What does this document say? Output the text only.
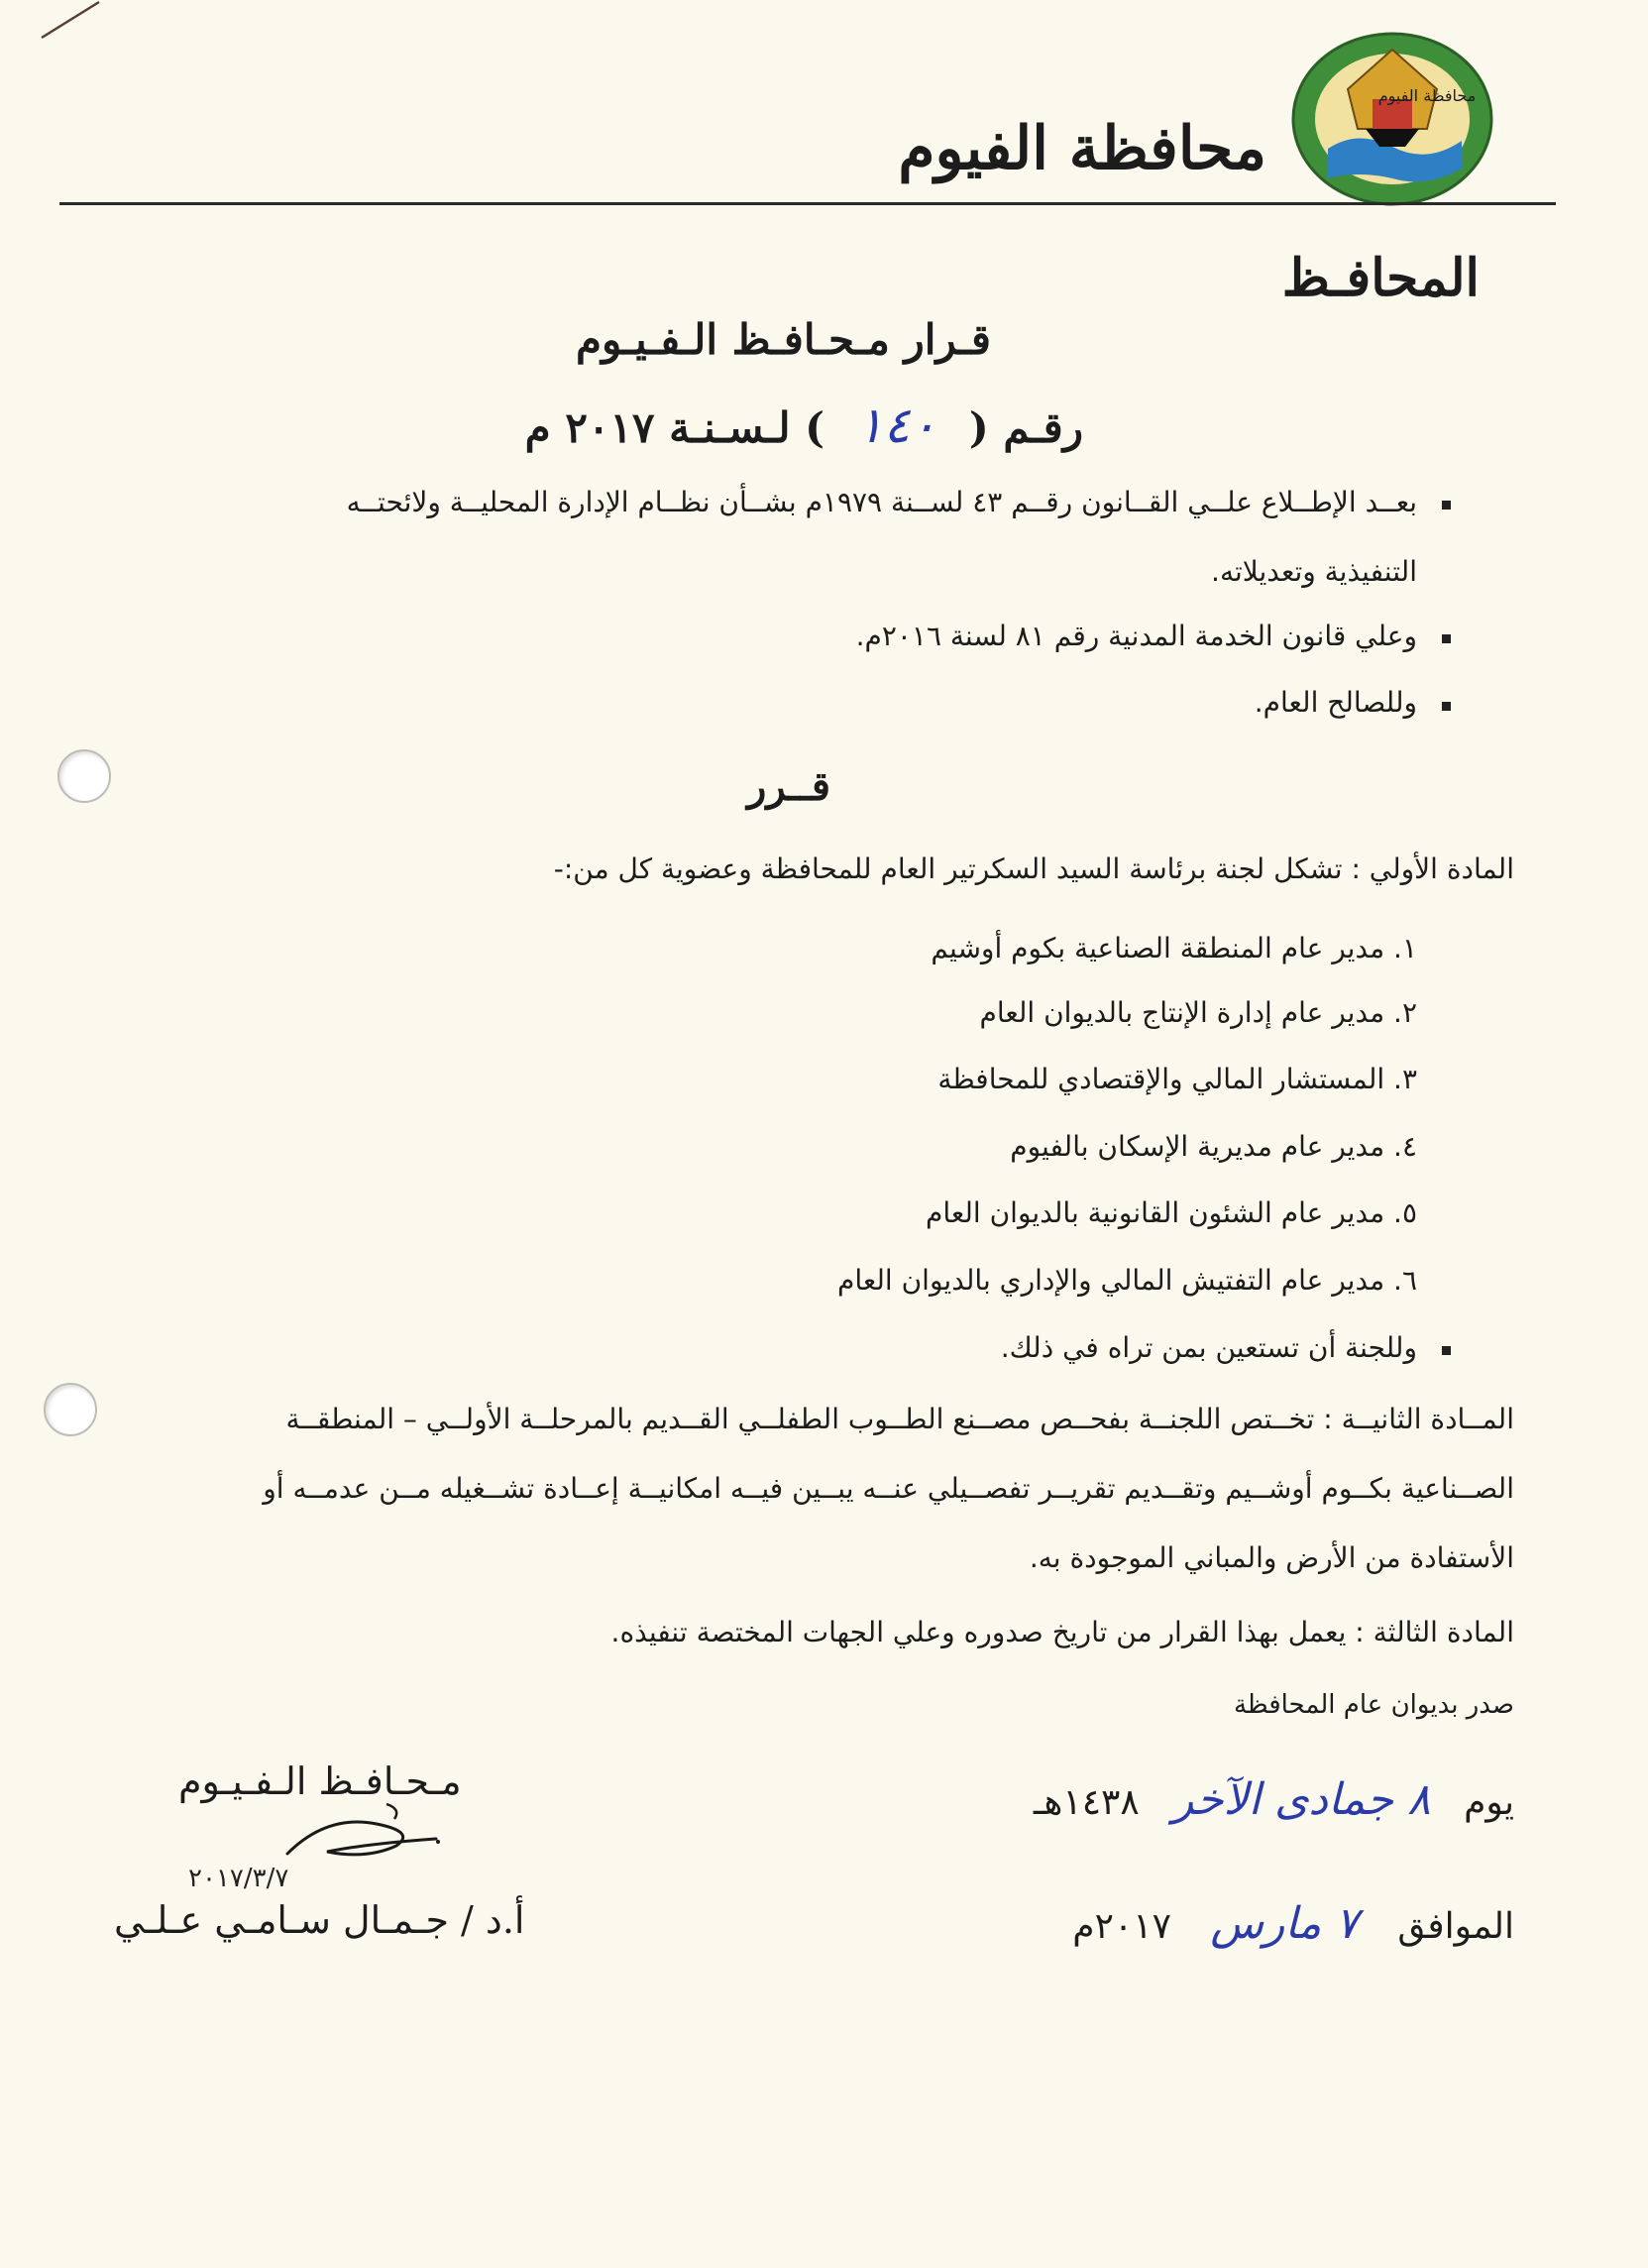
محافظة الفيوم
محافظة الفيوم
المحافـظ
قـرار مـحـافـظ الـفـيـوم
رقـم ( ١٤٠ ) لـسـنـة ٢٠١٧ م
بعــد الإطــلاع علــي القــانون رقــم ٤٣ لســنة ١٩٧٩م بشــأن نظــام الإدارة المحليــة ولائحتــه
التنفيذية وتعديلاته.
وعلي قانون الخدمة المدنية رقم ٨١ لسنة ٢٠١٦م.
وللصالح العام.
قــرر
المادة الأولي : تشكل لجنة برئاسة السيد السكرتير العام للمحافظة وعضوية كل من:-
١. مدير عام المنطقة الصناعية بكوم أوشيم
٢. مدير عام إدارة الإنتاج بالديوان العام
٣. المستشار المالي والإقتصادي للمحافظة
٤. مدير عام مديرية الإسكان بالفيوم
٥. مدير عام الشئون القانونية بالديوان العام
٦. مدير عام التفتيش المالي والإداري بالديوان العام
وللجنة أن تستعين بمن تراه في ذلك.
المــادة الثانيــة : تخــتص اللجنــة بفحــص مصــنع الطــوب الطفلــي القــديم بالمرحلــة الأولــي – المنطقــة
الصــناعية بكــوم أوشــيم وتقــديم تقريــر تفصــيلي عنــه يبــين فيــه امكانيــة إعــادة تشــغيله مــن عدمــه أو
الأستفادة من الأرض والمباني الموجودة به.
المادة الثالثة : يعمل بهذا القرار من تاريخ صدوره وعلي الجهات المختصة تنفيذه.
صدر بديوان عام المحافظة
يوم ٨ جمادى الآخر ١٤٣٨هـ
الموافق ٧ مارس ٢٠١٧م
مـحـافـظ الـفـيـوم
٢٠١٧/٣/٧
أ.د / جـمـال سـامـي عـلـي
